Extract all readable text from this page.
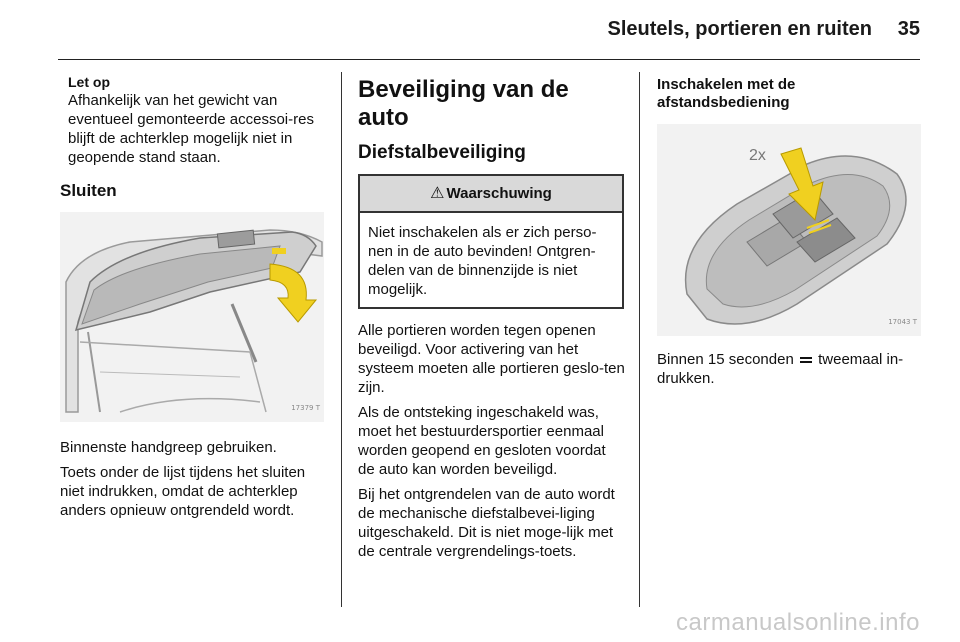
Sleutels, portieren en ruiten 35
Let op
Afhankelijk van het gewicht van eventueel gemonteerde accessoi-res blijft de achterklep mogelijk niet in geopende stand staan.
Sluiten
17379 T

Binnenste handgreep gebruiken.

Toets onder de lijst tijdens het sluiten niet indrukken, omdat de achterklep anders opnieuw ontgrendeld wordt.

Beveiliging van de auto
Diefstalbeveiliging
⚠ Waarschuwing
Niet inschakelen als er zich perso-nen in de auto bevinden! Ontgren-delen van de binnenzijde is niet mogelijk.

Alle portieren worden tegen openen beveiligd. Voor activering van het systeem moeten alle portieren geslo-ten zijn.

Als de ontsteking ingeschakeld was, moet het bestuurdersportier eenmaal worden geopend en gesloten voordat de auto kan worden beveiligd.

Bij het ontgrendelen van de auto wordt de mechanische diefstalbevei-liging uitgeschakeld. Dit is niet moge-lijk met de centrale vergrendelings-toets.

Inschakelen met de afstandsbediening
2x
17043 T

Binnen 15 seconden tweemaal in-drukken.

carmanualsonline.info
